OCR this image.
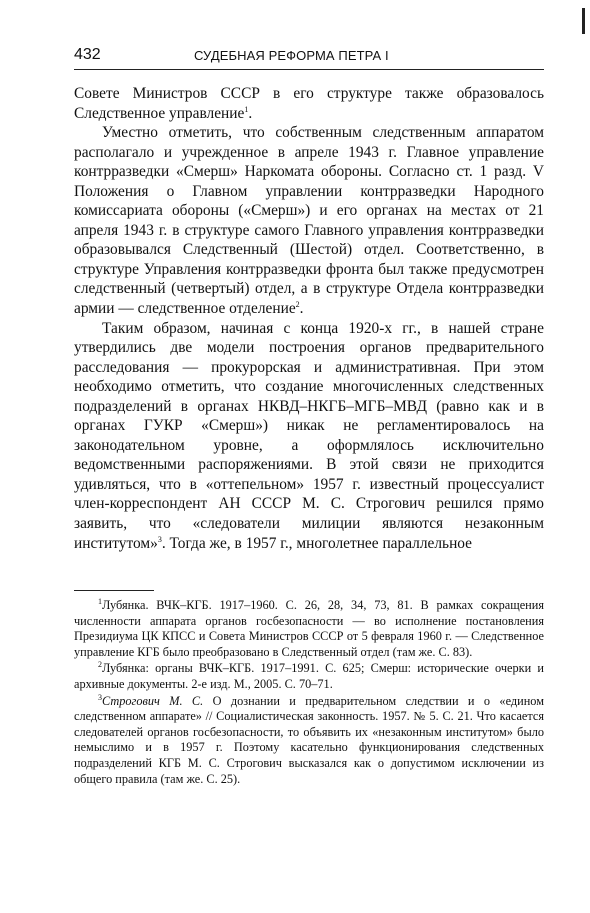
432	СУДЕБНАЯ РЕФОРМА ПЕТРА I

Совете Министров СССР в его структуре также образовалось Следственное управление$^1$.

Уместно отметить, что собственным следственным аппаратом располагало и учрежденное в апреле 1943 г. Главное управление контрразведки «Смерш» Наркомата обороны. Согласно ст. 1 разд. V Положения о Главном управлении контрразведки Народного комиссариата обороны («Смерш») и его органах на местах от 21 апреля 1943 г. в структуре самого Главного управления контрразведки образовывался Следственный (Шестой) отдел. Соответственно, в структуре Управления контрразведки фронта был также предусмотрен следственный (четвертый) отдел, а в структуре Отдела контрразведки армии — следственное отделение$^2$.

Таким образом, начиная с конца 1920-х гг., в нашей стране утвердились две модели построения органов предварительного расследования — прокурорская и административная. При этом необходимо отметить, что создание многочисленных следственных подразделений в органах НКВД–НКГБ–МГБ–МВД (равно как и в органах ГУКР «Смерш») никак не регламентировалось на законодательном уровне, а оформлялось исключительно ведомственными распоряжениями. В этой связи не приходится удивляться, что в «оттепельном» 1957 г. известный процессуалист член-корреспондент АН СССР М. С. Строгович решился прямо заявить, что «следователи милиции являются незаконным институтом»$^3$. Тогда же, в 1957 г., многолетнее параллельное

$^1$Лубянка. ВЧК–КГБ. 1917–1960. С. 26, 28, 34, 73, 81. В рамках сокращения численности аппарата органов госбезопасности — во исполнение постановления Президиума ЦК КПСС и Совета Министров СССР от 5 февраля 1960 г. — Следственное управление КГБ было преобразовано в Следственный отдел (там же. С. 83).

$^2$Лубянка: органы ВЧК–КГБ. 1917–1991. С. 625; Смерш: исторические очерки и архивные документы. 2-е изд. М., 2005. С. 70–71.

$^3$Строгович М. С. О дознании и предварительном следствии и о «едином следственном аппарате» // Социалистическая законность. 1957. № 5. С. 21. Что касается следователей органов госбезопасности, то объявить их «незаконным институтом» было немыслимо и в 1957 г. Поэтому касательно функционирования следственных подразделений КГБ М. С. Строгович высказался как о допустимом исключении из общего правила (там же. С. 25).
